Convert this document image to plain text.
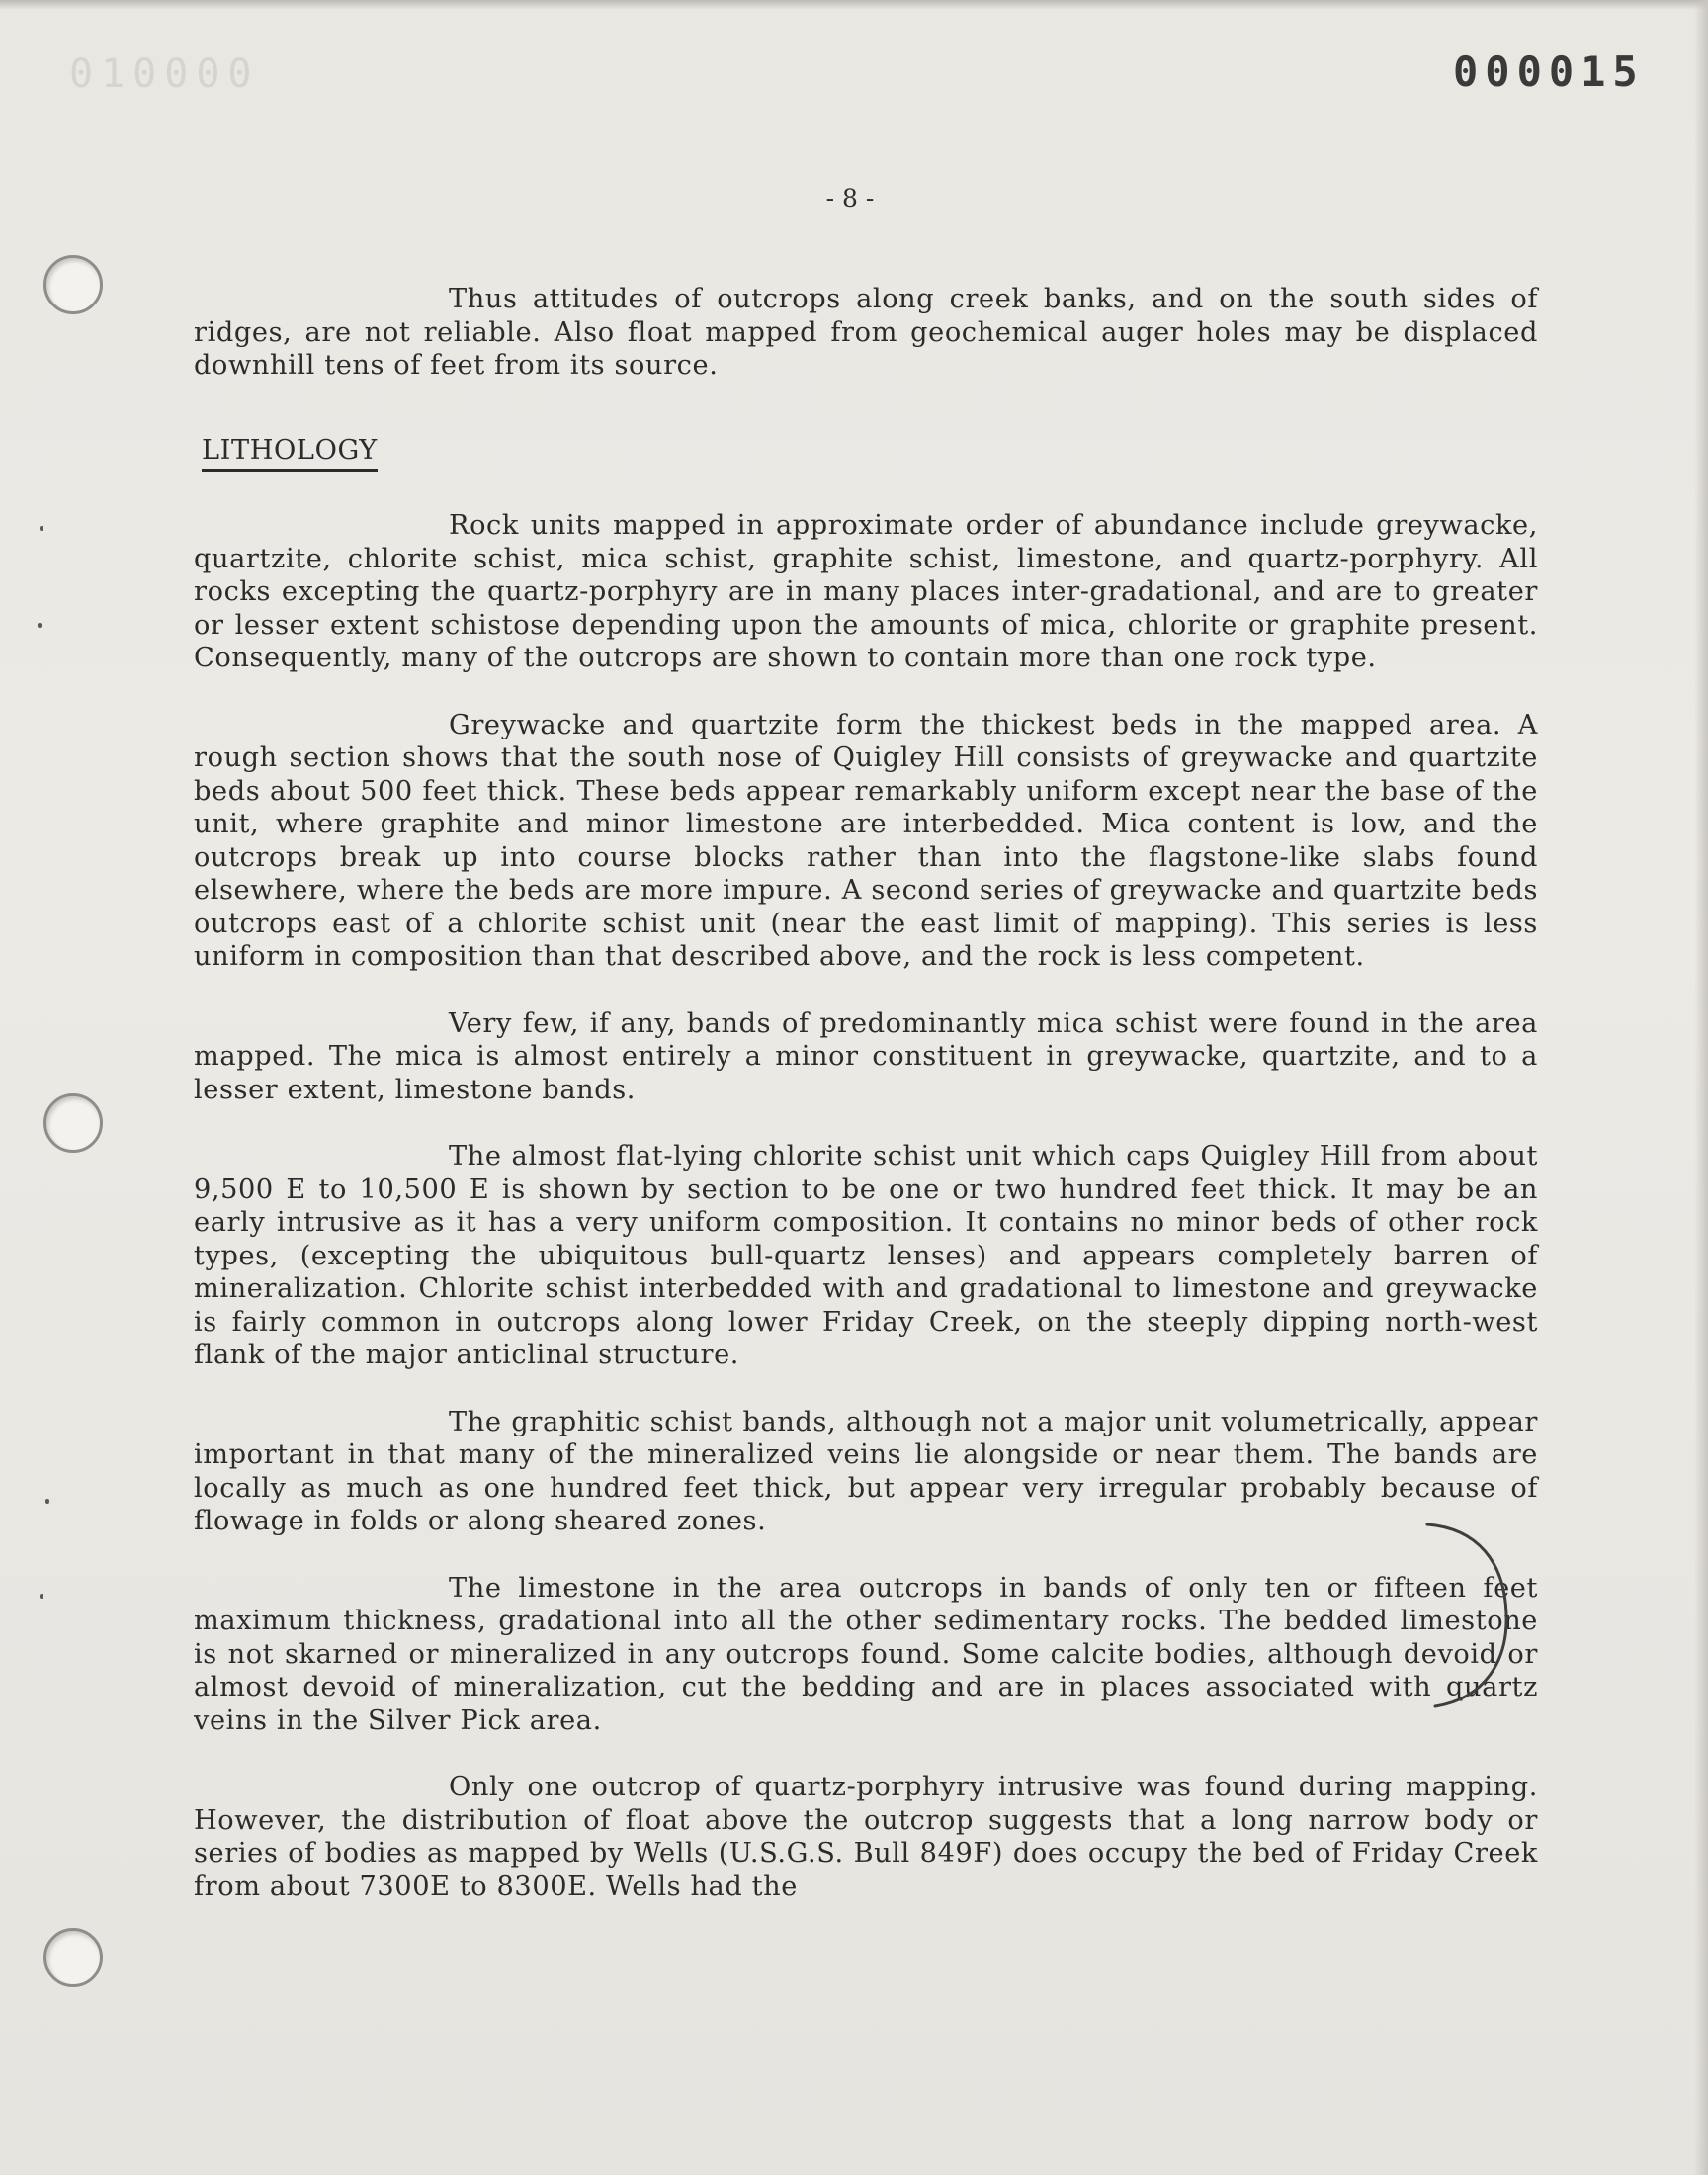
010000	000015
- 8 -

Thus attitudes of outcrops along creek banks, and on the south sides of ridges, are not reliable. Also float mapped from geochemical auger holes may be displaced downhill tens of feet from its source.

LITHOLOGY

Rock units mapped in approximate order of abundance include greywacke, quartzite, chlorite schist, mica schist, graphite schist, limestone, and quartz-porphyry. All rocks excepting the quartz-porphyry are in many places inter-gradational, and are to greater or lesser extent schistose depending upon the amounts of mica, chlorite or graphite present. Consequently, many of the outcrops are shown to contain more than one rock type.

Greywacke and quartzite form the thickest beds in the mapped area. A rough section shows that the south nose of Quigley Hill consists of greywacke and quartzite beds about 500 feet thick. These beds appear remarkably uniform except near the base of the unit, where graphite and minor limestone are interbedded. Mica content is low, and the outcrops break up into course blocks rather than into the flagstone-like slabs found elsewhere, where the beds are more impure. A second series of greywacke and quartzite beds outcrops east of a chlorite schist unit (near the east limit of mapping). This series is less uniform in composition than that described above, and the rock is less competent.

Very few, if any, bands of predominantly mica schist were found in the area mapped. The mica is almost entirely a minor constituent in greywacke, quartzite, and to a lesser extent, limestone bands.

The almost flat-lying chlorite schist unit which caps Quigley Hill from about 9,500 E to 10,500 E is shown by section to be one or two hundred feet thick. It may be an early intrusive as it has a very uniform composition. It contains no minor beds of other rock types, (excepting the ubiquitous bull-quartz lenses) and appears completely barren of mineralization. Chlorite schist interbedded with and gradational to limestone and greywacke is fairly common in outcrops along lower Friday Creek, on the steeply dipping north-west flank of the major anticlinal structure.

The graphitic schist bands, although not a major unit volumetrically, appear important in that many of the mineralized veins lie alongside or near them. The bands are locally as much as one hundred feet thick, but appear very irregular probably because of flowage in folds or along sheared zones.

The limestone in the area outcrops in bands of only ten or fifteen feet maximum thickness, gradational into all the other sedimentary rocks. The bedded limestone is not skarned or mineralized in any outcrops found. Some calcite bodies, although devoid or almost devoid of mineralization, cut the bedding and are in places associated with quartz veins in the Silver Pick area.

Only one outcrop of quartz-porphyry intrusive was found during mapping. However, the distribution of float above the outcrop suggests that a long narrow body or series of bodies as mapped by Wells (U.S.G.S. Bull 849F) does occupy the bed of Friday Creek from about 7300E to 8300E. Wells had the
